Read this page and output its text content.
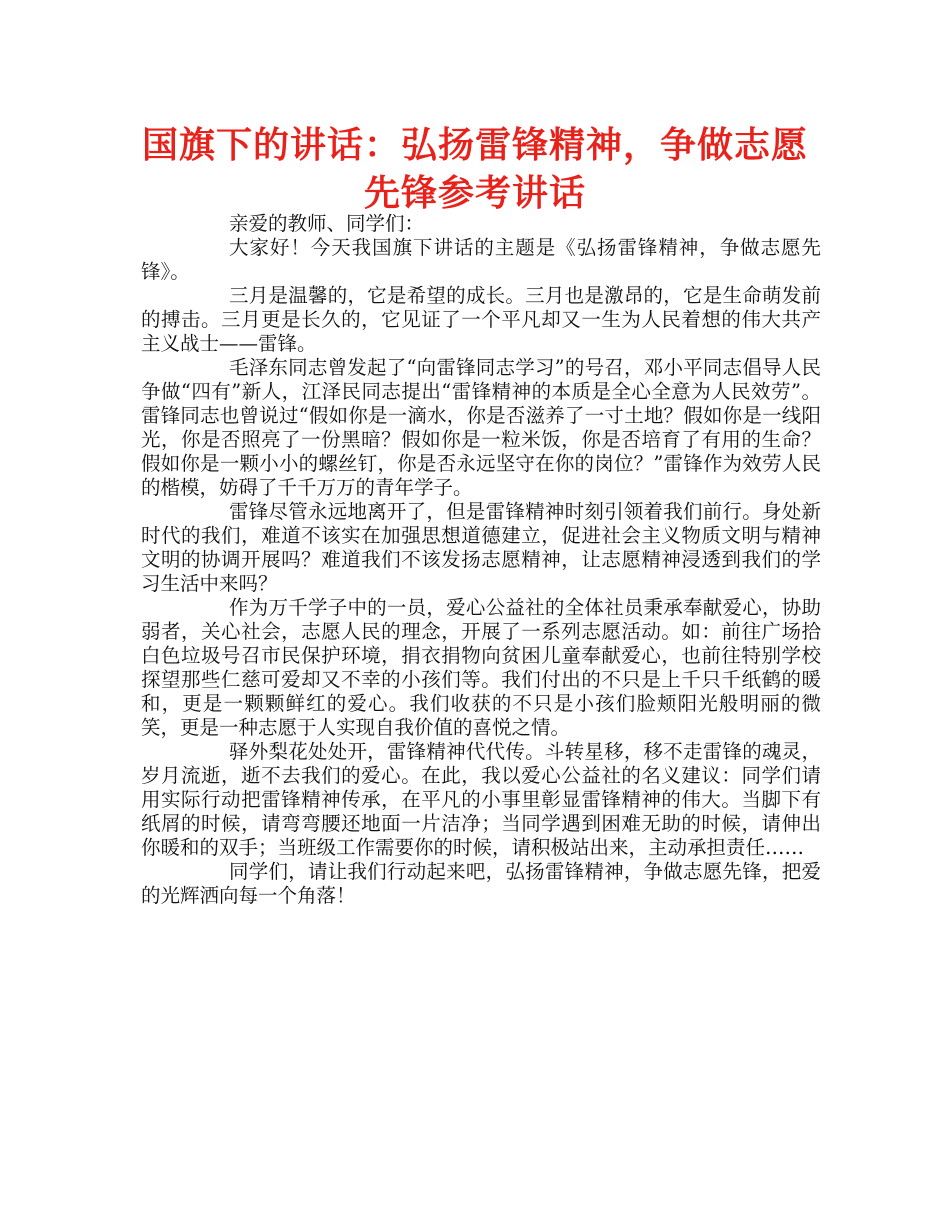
国旗下的讲话：弘扬雷锋精神，争做志愿先锋参考讲话

亲爱的教师、同学们：

大家好！今天我国旗下讲话的主题是《弘扬雷锋精神，争做志愿先锋》。

三月是温馨的，它是希望的成长。三月也是激昂的，它是生命萌发前的搏击。三月更是长久的，它见证了一个平凡却又一生为人民着想的伟大共产主义战士——雷锋。

毛泽东同志曾发起了“向雷锋同志学习”的号召，邓小平同志倡导人民争做“四有”新人，江泽民同志提出“雷锋精神的本质是全心全意为人民效劳”。雷锋同志也曾说过“假如你是一滴水，你是否滋养了一寸土地？假如你是一线阳光，你是否照亮了一份黑暗？假如你是一粒米饭，你是否培育了有用的生命？假如你是一颗小小的螺丝钉，你是否永远坚守在你的岗位？”雷锋作为效劳人民的楷模，妨碍了千千万万的青年学子。

雷锋尽管永远地离开了，但是雷锋精神时刻引领着我们前行。身处新时代的我们，难道不该实在加强思想道德建立，促进社会主义物质文明与精神文明的协调开展吗？难道我们不该发扬志愿精神，让志愿精神浸透到我们的学习生活中来吗？

作为万千学子中的一员，爱心公益社的全体社员秉承奉献爱心，协助弱者，关心社会，志愿人民的理念，开展了一系列志愿活动。如：前往广场拾白色垃圾号召市民保护环境，捐衣捐物向贫困儿童奉献爱心，也前往特别学校探望那些仁慈可爱却又不幸的小孩们等。我们付出的不只是上千只千纸鹤的暖和，更是一颗颗鲜红的爱心。我们收获的不只是小孩们脸颊阳光般明丽的微笑，更是一种志愿于人实现自我价值的喜悦之情。

驿外梨花处处开，雷锋精神代代传。斗转星移，移不走雷锋的魂灵，岁月流逝，逝不去我们的爱心。在此，我以爱心公益社的名义建议：同学们请用实际行动把雷锋精神传承，在平凡的小事里彰显雷锋精神的伟大。当脚下有纸屑的时候，请弯弯腰还地面一片洁净；当同学遇到困难无助的时候，请伸出你暖和的双手；当班级工作需要你的时候，请积极站出来，主动承担责任……

同学们，请让我们行动起来吧，弘扬雷锋精神，争做志愿先锋，把爱的光辉洒向每一个角落！
